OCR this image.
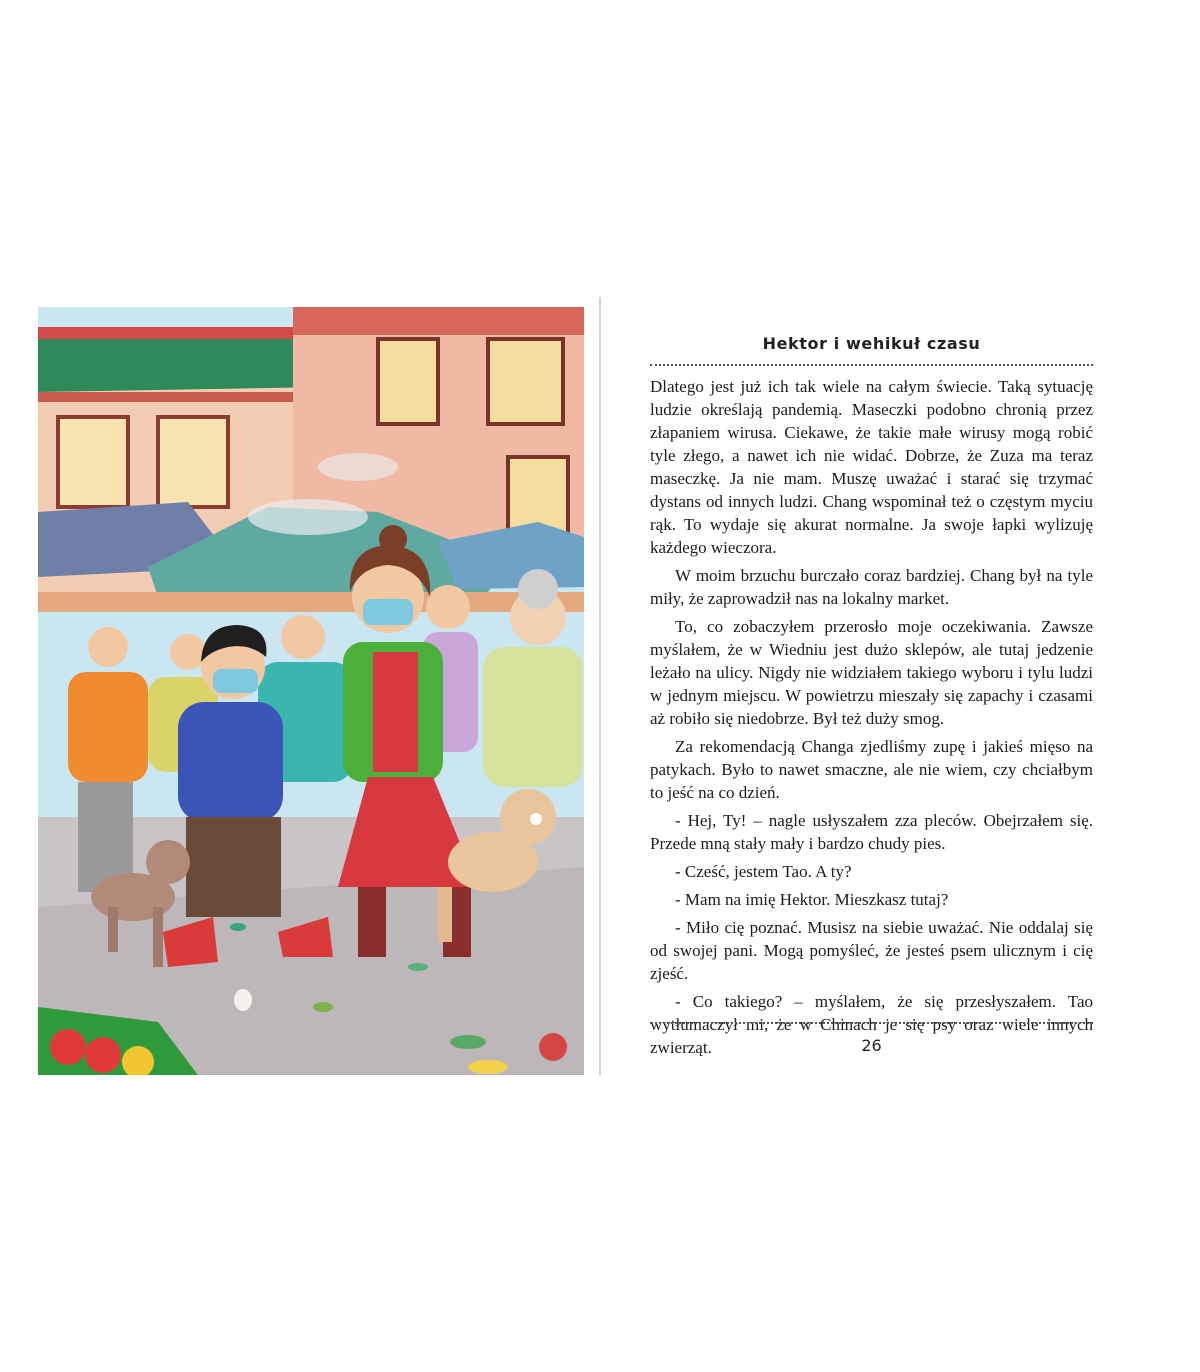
Hektor i wehikuł czasu

Dlatego jest już ich tak wiele na całym świecie. Taką sytuację ludzie określają pandemią. Maseczki podobno chronią przez złapaniem wirusa. Ciekawe, że takie małe wirusy mogą robić tyle złego, a nawet ich nie widać. Dobrze, że Zuza ma teraz maseczkę. Ja nie mam. Muszę uważać i starać się trzymać dystans od innych ludzi. Chang wspominał też o częstym myciu rąk. To wydaje się akurat normalne. Ja swoje łapki wylizuję każdego wieczora.

W moim brzuchu burczało coraz bardziej. Chang był na tyle miły, że zaprowadził nas na lokalny market.

To, co zobaczyłem przerosło moje oczekiwania. Zawsze myślałem, że w Wiedniu jest dużo sklepów, ale tutaj jedzenie leżało na ulicy. Nigdy nie widziałem takiego wyboru i tylu ludzi w jednym miejscu. W powietrzu mieszały się zapachy i czasami aż robiło się niedobrze. Był też duży smog.

Za rekomendacją Changa zjedliśmy zupę i jakieś mięso na patykach. Było to nawet smaczne, ale nie wiem, czy chciałbym to jeść na co dzień.

- Hej, Ty! – nagle usłyszałem zza pleców. Obejrzałem się. Przede mną stały mały i bardzo chudy pies.

- Cześć, jestem Tao. A ty?

- Mam na imię Hektor. Mieszkasz tutaj?

- Miło cię poznać. Musisz na siebie uważać. Nie oddalaj się od swojej pani. Mogą pomyśleć, że jesteś psem ulicznym i cię zjeść.

- Co takiego? – myślałem, że się przesłyszałem. Tao wytłumaczył mi, że w Chinach je się psy oraz wiele innych zwierząt.	26
